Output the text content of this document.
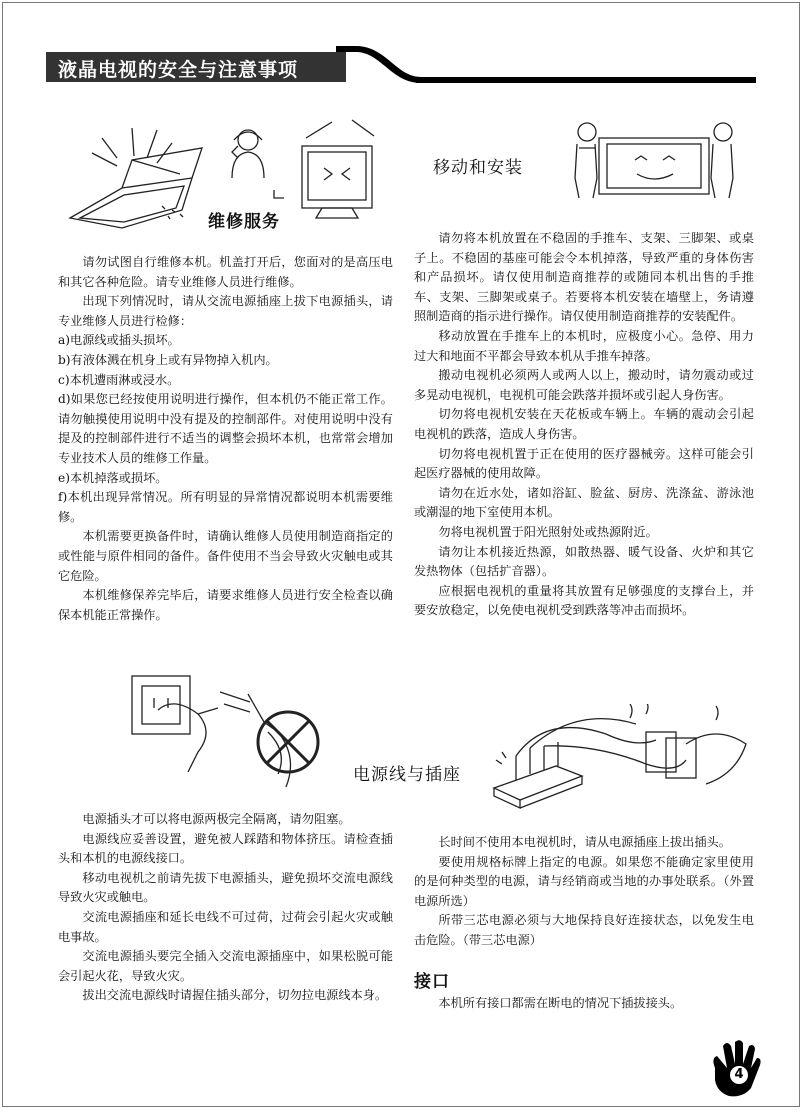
液晶电视的安全与注意事项
维修服务
移动和安装

请勿试图自行维修本机。机盖打开后，您面对的是高压电和其它各种危险。请专业维修人员进行维修。

出现下列情况时，请从交流电源插座上拔下电源插头，请专业维修人员进行检修：

a)电源线或插头损坏。

b)有液体溅在机身上或有异物掉入机内。

c)本机遭雨淋或浸水。

d)如果您已经按使用说明进行操作，但本机仍不能正常工作。请勿触摸使用说明中没有提及的控制部件。对使用说明中没有提及的控制部件进行不适当的调整会损坏本机，也常常会增加专业技术人员的维修工作量。

e)本机掉落或损坏。

f)本机出现异常情况。所有明显的异常情况都说明本机需要维修。

本机需要更换备件时，请确认维修人员使用制造商指定的或性能与原件相同的备件。备件使用不当会导致火灾触电或其它危险。

本机维修保养完毕后，请要求维修人员进行安全检查以确保本机能正常操作。

请勿将本机放置在不稳固的手推车、支架、三脚架、或桌子上。不稳固的基座可能会令本机掉落，导致严重的身体伤害和产品损坏。请仅使用制造商推荐的或随同本机出售的手推车、支架、三脚架或桌子。若要将本机安装在墙壁上，务请遵照制造商的指示进行操作。请仅使用制造商推荐的安装配件。

移动放置在手推车上的本机时，应极度小心。急停、用力过大和地面不平都会导致本机从手推车掉落。

搬动电视机必须两人或两人以上，搬动时，请勿震动或过多晃动电视机，电视机可能会跌落并损坏或引起人身伤害。

切勿将电视机安装在天花板或车辆上。车辆的震动会引起电视机的跌落，造成人身伤害。

切勿将电视机置于正在使用的医疗器械旁。这样可能会引起医疗器械的使用故障。

请勿在近水处，诸如浴缸、脸盆、厨房、洗涤盆、游泳池或潮湿的地下室使用本机。

勿将电视机置于阳光照射处或热源附近。

请勿让本机接近热源，如散热器、暖气设备、火炉和其它发热物体（包括扩音器）。

应根据电视机的重量将其放置有足够强度的支撑台上，并要安放稳定，以免使电视机受到跌落等冲击而损坏。

电源线与插座

电源插头才可以将电源两极完全隔离，请勿阻塞。

电源线应妥善设置，避免被人踩踏和物体挤压。请检查插头和本机的电源线接口。

移动电视机之前请先拔下电源插头，避免损坏交流电源线导致火灾或触电。

交流电源插座和延长电线不可过荷，过荷会引起火灾或触电事故。

交流电源插头要完全插入交流电源插座中，如果松脱可能会引起火花，导致火灾。

拔出交流电源线时请握住插头部分，切勿拉电源线本身。

长时间不使用本电视机时，请从电源插座上拔出插头。

要使用规格标牌上指定的电源。如果您不能确定家里使用的是何种类型的电源，请与经销商或当地的办事处联系。（外置电源所选）

所带三芯电源必须与大地保持良好连接状态，以免发生电击危险。（带三芯电源）

接口

本机所有接口都需在断电的情况下插拔接头。

4
